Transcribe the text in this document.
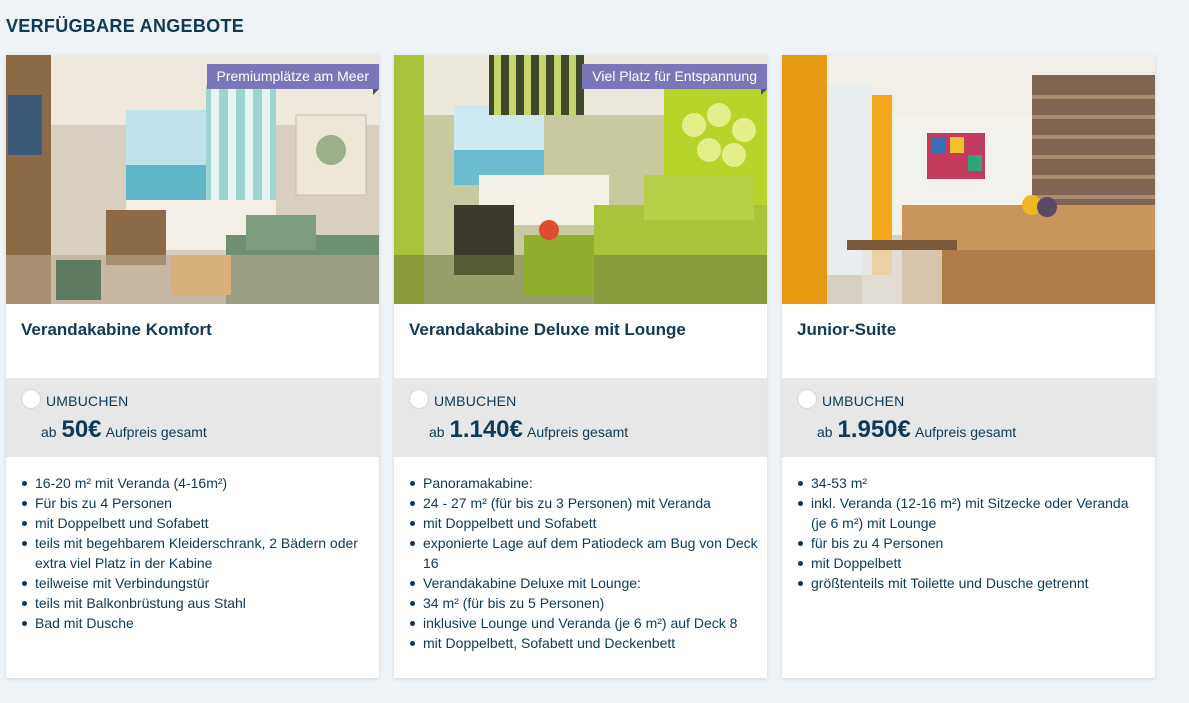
VERFÜGBARE ANGEBOTE
Premiumplätze am Meer
Verandakabine Komfort
UMBUCHEN
ab 50€ Aufpreis gesamt
16-20 m² mit Veranda (4-16m²)
Für bis zu 4 Personen
mit Doppelbett und Sofabett
teils mit begehbarem Kleiderschrank, 2 Bädern oder extra viel Platz in der Kabine
teilweise mit Verbindungstür
teils mit Balkonbrüstung aus Stahl
Bad mit Dusche
Viel Platz für Entspannung
Verandakabine Deluxe mit Lounge
UMBUCHEN
ab 1.140€ Aufpreis gesamt
Panoramakabine:
24 - 27 m² (für bis zu 3 Personen) mit Veranda
mit Doppelbett und Sofabett
exponierte Lage auf dem Patiodeck am Bug von Deck 16
Verandakabine Deluxe mit Lounge:
34 m² (für bis zu 5 Personen)
inklusive Lounge und Veranda (je 6 m²) auf Deck 8
mit Doppelbett, Sofabett und Deckenbett
Junior-Suite
UMBUCHEN
ab 1.950€ Aufpreis gesamt
34-53 m²
inkl. Veranda (12-16 m²) mit Sitzecke oder Veranda (je 6 m²) mit Lounge
für bis zu 4 Personen
mit Doppelbett
größtenteils mit Toilette und Dusche getrennt
